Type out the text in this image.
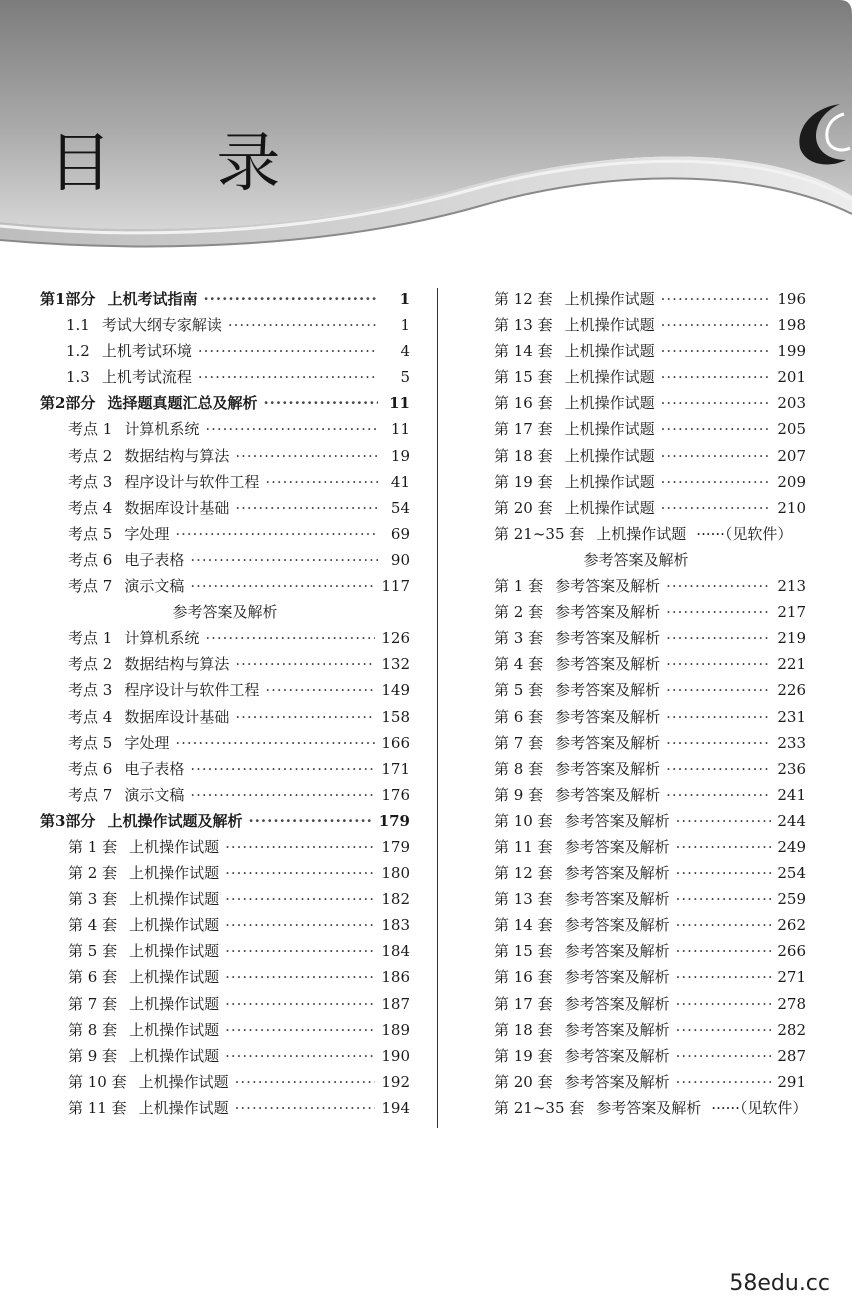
目 录
第1部分 上机考试指南 ·····	1
1.1 考试大纲专家解读 ·····	1
1.2 上机考试环境 ·····	4
1.3 上机考试流程 ·····	5
第2部分 选择题真题汇总及解析 ·····	11
考点 1 计算机系统 ·····	11
考点 2 数据结构与算法 ·····	19
考点 3 程序设计与软件工程 ·····	41
考点 4 数据库设计基础 ·····	54
考点 5 字处理 ·····	69
考点 6 电子表格 ·····	90
考点 7 演示文稿 ·····	117
参考答案及解析
考点 1 计算机系统 ·····	126
考点 2 数据结构与算法 ·····	132
考点 3 程序设计与软件工程 ·····	149
考点 4 数据库设计基础 ·····	158
考点 5 字处理 ·····	166
考点 6 电子表格 ·····	171
考点 7 演示文稿 ·····	176
第3部分 上机操作试题及解析 ·····	179
第 1 套 上机操作试题 ·····	179
第 2 套 上机操作试题 ·····	180
第 3 套 上机操作试题 ·····	182
第 4 套 上机操作试题 ·····	183
第 5 套 上机操作试题 ·····	184
第 6 套 上机操作试题 ·····	186
第 7 套 上机操作试题 ·····	187
第 8 套 上机操作试题 ·····	189
第 9 套 上机操作试题 ·····	190
第 10 套 上机操作试题 ·····	192
第 11 套 上机操作试题 ·····	194
第 12 套 上机操作试题 ·····	196
第 13 套 上机操作试题 ·····	198
第 14 套 上机操作试题 ·····	199
第 15 套 上机操作试题 ·····	201
第 16 套 上机操作试题 ·····	203
第 17 套 上机操作试题 ·····	205
第 18 套 上机操作试题 ·····	207
第 19 套 上机操作试题 ·····	209
第 20 套 上机操作试题 ·····	210
第 21~35 套 上机操作试题 ······（见软件）
参考答案及解析
第 1 套 参考答案及解析 ·····	213
第 2 套 参考答案及解析 ·····	217
第 3 套 参考答案及解析 ·····	219
第 4 套 参考答案及解析 ·····	221
第 5 套 参考答案及解析 ·····	226
第 6 套 参考答案及解析 ·····	231
第 7 套 参考答案及解析 ·····	233
第 8 套 参考答案及解析 ·····	236
第 9 套 参考答案及解析 ·····	241
第 10 套 参考答案及解析 ·····	244
第 11 套 参考答案及解析 ·····	249
第 12 套 参考答案及解析 ·····	254
第 13 套 参考答案及解析 ·····	259
第 14 套 参考答案及解析 ·····	262
第 15 套 参考答案及解析 ·····	266
第 16 套 参考答案及解析 ·····	271
第 17 套 参考答案及解析 ·····	278
第 18 套 参考答案及解析 ·····	282
第 19 套 参考答案及解析 ·····	287
第 20 套 参考答案及解析 ·····	291
第 21~35 套 参考答案及解析 ······（见软件）
58edu.cc
